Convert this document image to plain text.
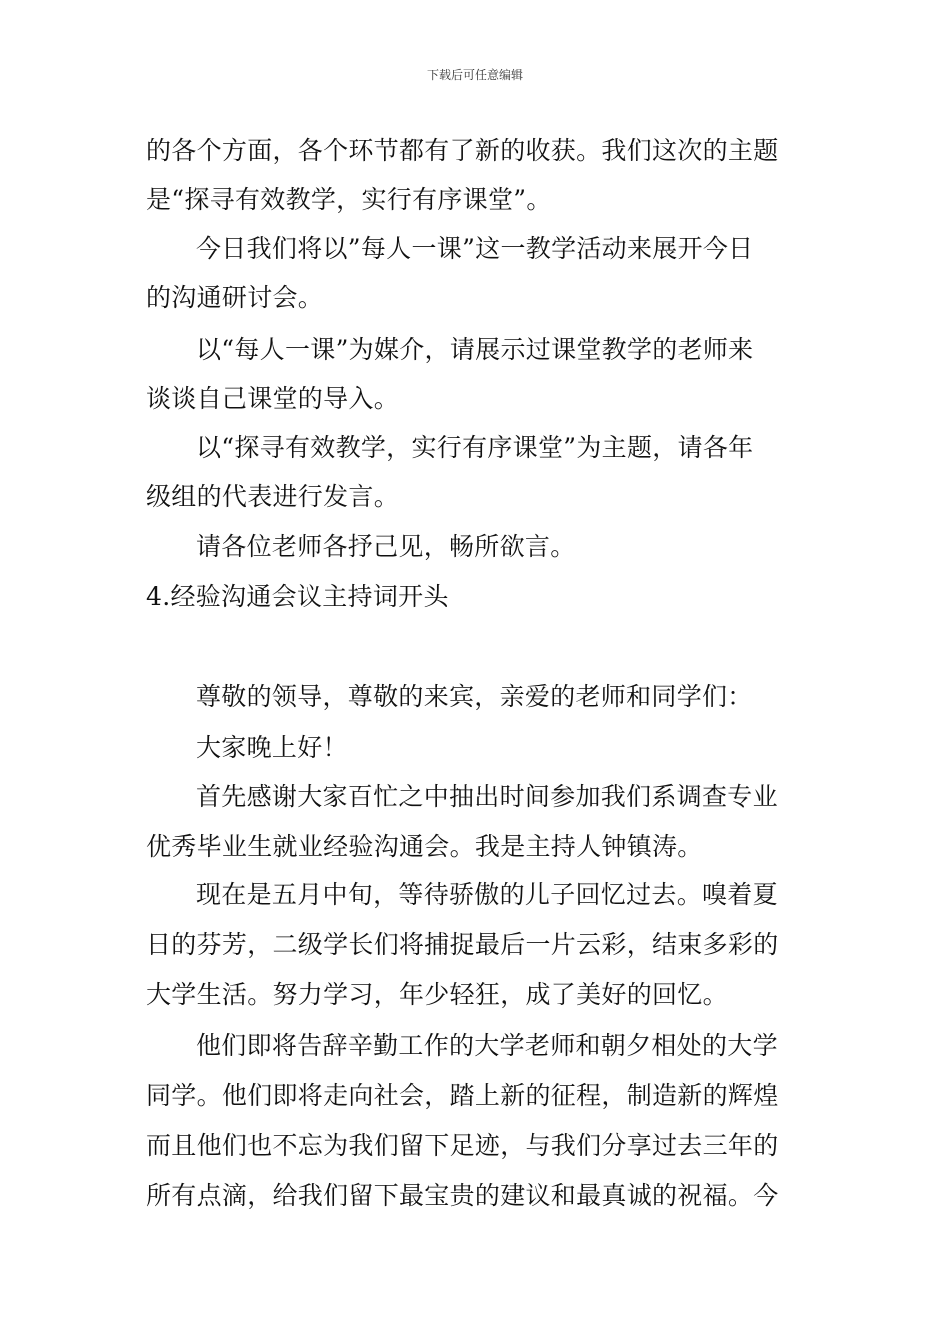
下载后可任意编辑
的各个方面，各个环节都有了新的收获。我们这次的主题
是“探寻有效教学，实行有序课堂”。
今日我们将以”每人一课”这一教学活动来展开今日
的沟通研讨会。
以“每人一课”为媒介，请展示过课堂教学的老师来
谈谈自己课堂的导入。
以“探寻有效教学，实行有序课堂”为主题，请各年
级组的代表进行发言。
请各位老师各抒己见，畅所欲言。
4.经验沟通会议主持词开头
尊敬的领导，尊敬的来宾，亲爱的老师和同学们：
大家晚上好！
首先感谢大家百忙之中抽出时间参加我们系调查专业
优秀毕业生就业经验沟通会。我是主持人钟镇涛。
现在是五月中旬，等待骄傲的儿子回忆过去。嗅着夏
日的芬芳，二级学长们将捕捉最后一片云彩，结束多彩的
大学生活。努力学习，年少轻狂，成了美好的回忆。
他们即将告辞辛勤工作的大学老师和朝夕相处的大学
同学。他们即将走向社会，踏上新的征程，制造新的辉煌
而且他们也不忘为我们留下足迹，与我们分享过去三年的
所有点滴，给我们留下最宝贵的建议和最真诚的祝福。今
